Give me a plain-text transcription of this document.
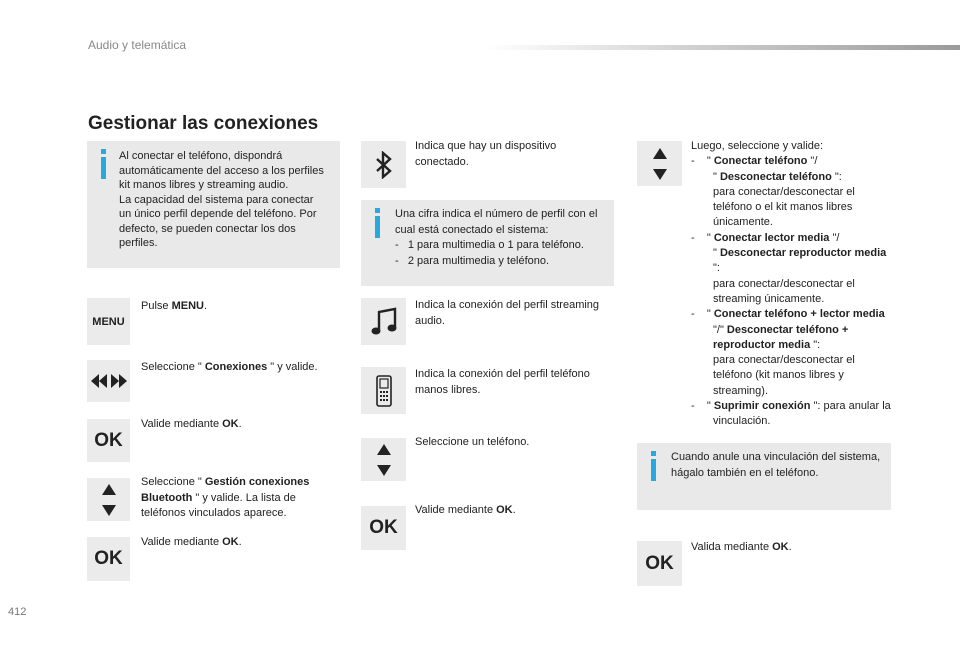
Audio y telemática
Gestionar las conexiones
Al conectar el teléfono, dispondrá automáticamente del acceso a los perfiles kit manos libres y streaming audio.
La capacidad del sistema para conectar un único perfil depende del teléfono. Por defecto, se pueden conectar los dos perfiles.
MENU
Pulse MENU.
Seleccione " Conexiones " y valide.
OK
Valide mediante OK.
Seleccione " Gestión conexiones Bluetooth " y valide. La lista de teléfonos vinculados aparece.
OK
Valide mediante OK.
Indica que hay un dispositivo conectado.
Una cifra indica el número de perfil con el cual está conectado el sistema:
-   1 para multimedia o 1 para teléfono.
-   2 para multimedia y teléfono.
Indica la conexión del perfil streaming audio.
Indica la conexión del perfil teléfono manos libres.
Seleccione un teléfono.
OK
Valide mediante OK.
Luego, seleccione y valide:
-    " Conectar teléfono "/
" Desconectar teléfono ":
para conectar/desconectar el teléfono o el kit manos libres únicamente.
-    " Conectar lector media "/
" Desconectar reproductor media ":
para conectar/desconectar el streaming únicamente.
-    " Conectar teléfono + lector media "/" Desconectar teléfono + reproductor media ":
para conectar/desconectar el teléfono (kit manos libres y streaming).
-    " Suprimir conexión ": para anular la vinculación.
Cuando anule una vinculación del sistema, hágalo también en el teléfono.
OK
Valida mediante OK.
412
